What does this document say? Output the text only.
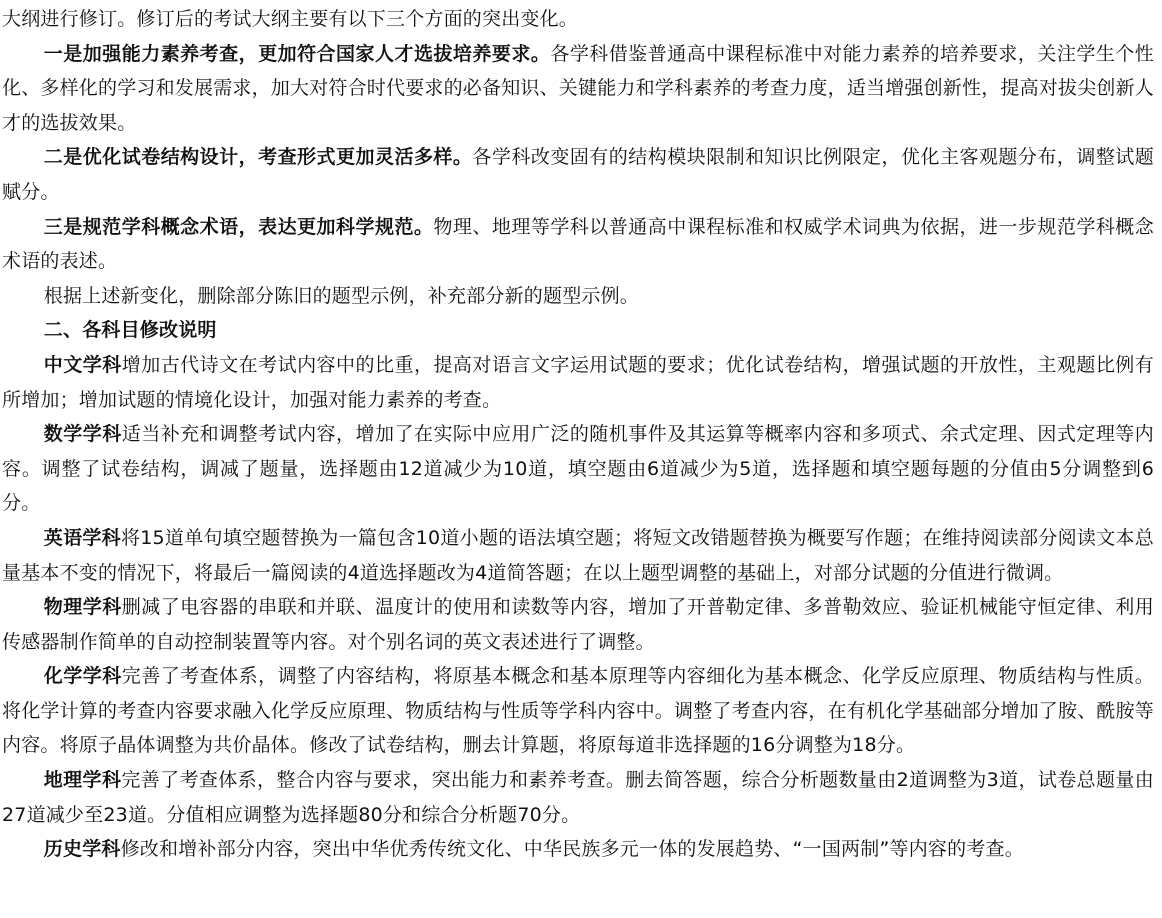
大纲进行修订。修订后的考试大纲主要有以下三个方面的突出变化。

一是加强能力素养考查，更加符合国家人才选拔培养要求。各学科借鉴普通高中课程标准中对能力素养的培养要求，关注学生个性化、多样化的学习和发展需求，加大对符合时代要求的必备知识、关键能力和学科素养的考查力度，适当增强创新性，提高对拔尖创新人才的选拔效果。

二是优化试卷结构设计，考查形式更加灵活多样。各学科改变固有的结构模块限制和知识比例限定，优化主客观题分布，调整试题赋分。

三是规范学科概念术语，表达更加科学规范。物理、地理等学科以普通高中课程标准和权威学术词典为依据，进一步规范学科概念术语的表述。

根据上述新变化，删除部分陈旧的题型示例，补充部分新的题型示例。

二、各科目修改说明

中文学科增加古代诗文在考试内容中的比重，提高对语言文字运用试题的要求；优化试卷结构，增强试题的开放性，主观题比例有所增加；增加试题的情境化设计，加强对能力素养的考查。

数学学科适当补充和调整考试内容，增加了在实际中应用广泛的随机事件及其运算等概率内容和多项式、余式定理、因式定理等内容。调整了试卷结构，调减了题量，选择题由12道减少为10道，填空题由6道减少为5道，选择题和填空题每题的分值由5分调整到6分。

英语学科将15道单句填空题替换为一篇包含10道小题的语法填空题；将短文改错题替换为概要写作题；在维持阅读部分阅读文本总量基本不变的情况下，将最后一篇阅读的4道选择题改为4道简答题；在以上题型调整的基础上，对部分试题的分值进行微调。

物理学科删减了电容器的串联和并联、温度计的使用和读数等内容，增加了开普勒定律、多普勒效应、验证机械能守恒定律、利用传感器制作简单的自动控制装置等内容。对个别名词的英文表述进行了调整。

化学学科完善了考查体系，调整了内容结构，将原基本概念和基本原理等内容细化为基本概念、化学反应原理、物质结构与性质。将化学计算的考查内容要求融入化学反应原理、物质结构与性质等学科内容中。调整了考查内容，在有机化学基础部分增加了胺、酰胺等内容。将原子晶体调整为共价晶体。修改了试卷结构，删去计算题，将原每道非选择题的16分调整为18分。

地理学科完善了考查体系，整合内容与要求，突出能力和素养考查。删去简答题，综合分析题数量由2道调整为3道，试卷总题量由27道减少至23道。分值相应调整为选择题80分和综合分析题70分。

历史学科修改和增补部分内容，突出中华优秀传统文化、中华民族多元一体的发展趋势、“一国两制”等内容的考查。
